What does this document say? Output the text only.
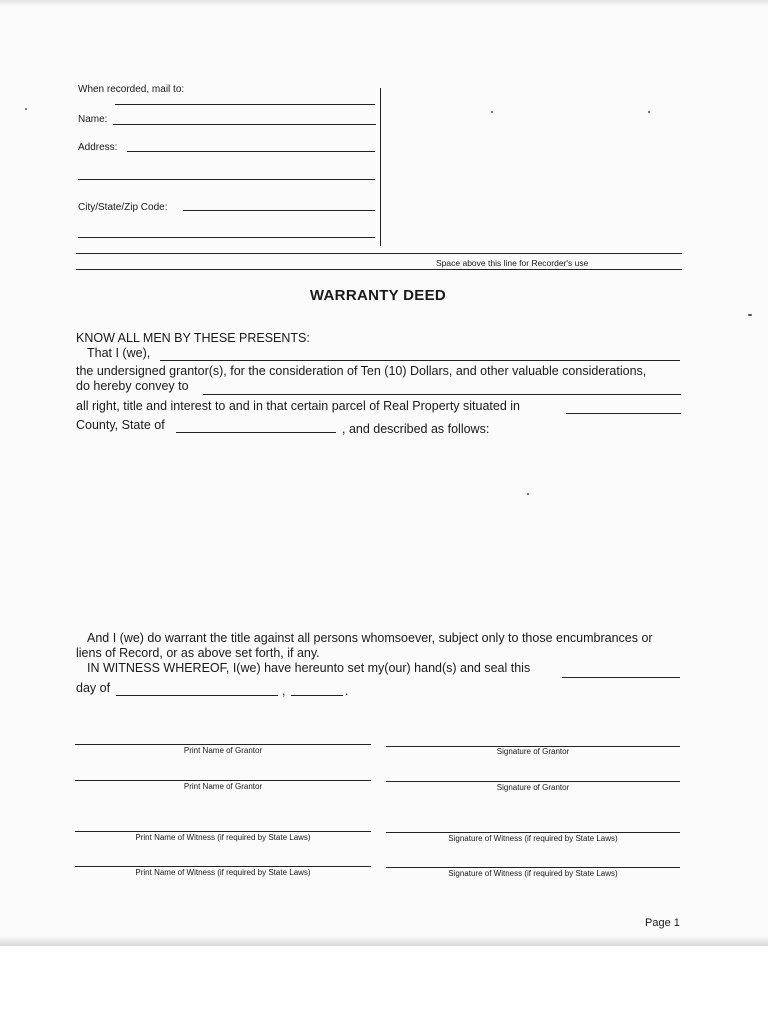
When recorded, mail to:
Name:
Address:
City/State/Zip Code:
Space above this line for Recorder's use
WARRANTY DEED
KNOW ALL MEN BY THESE PRESENTS:
That I (we),
the undersigned grantor(s), for the consideration of Ten (10) Dollars, and other valuable considerations,
do hereby convey to
all right, title and interest to and in that certain parcel of Real Property situated in
County, State of	, and described as follows:
And I (we) do warrant the title against all persons whomsoever, subject only to those encumbrances or
liens of Record, or as above set forth, if any.
IN WITNESS WHEREOF, I(we) have hereunto set my(our) hand(s) and seal this
day of	,	.
Print Name of Grantor	Signature of Grantor
Print Name of Grantor	Signature of Grantor
Print Name of Witness (if required by State Laws)	Signature of Witness (if required by State Laws)
Print Name of Witness (if required by State Laws)	Signature of Witness (if required by State Laws)
Page 1
